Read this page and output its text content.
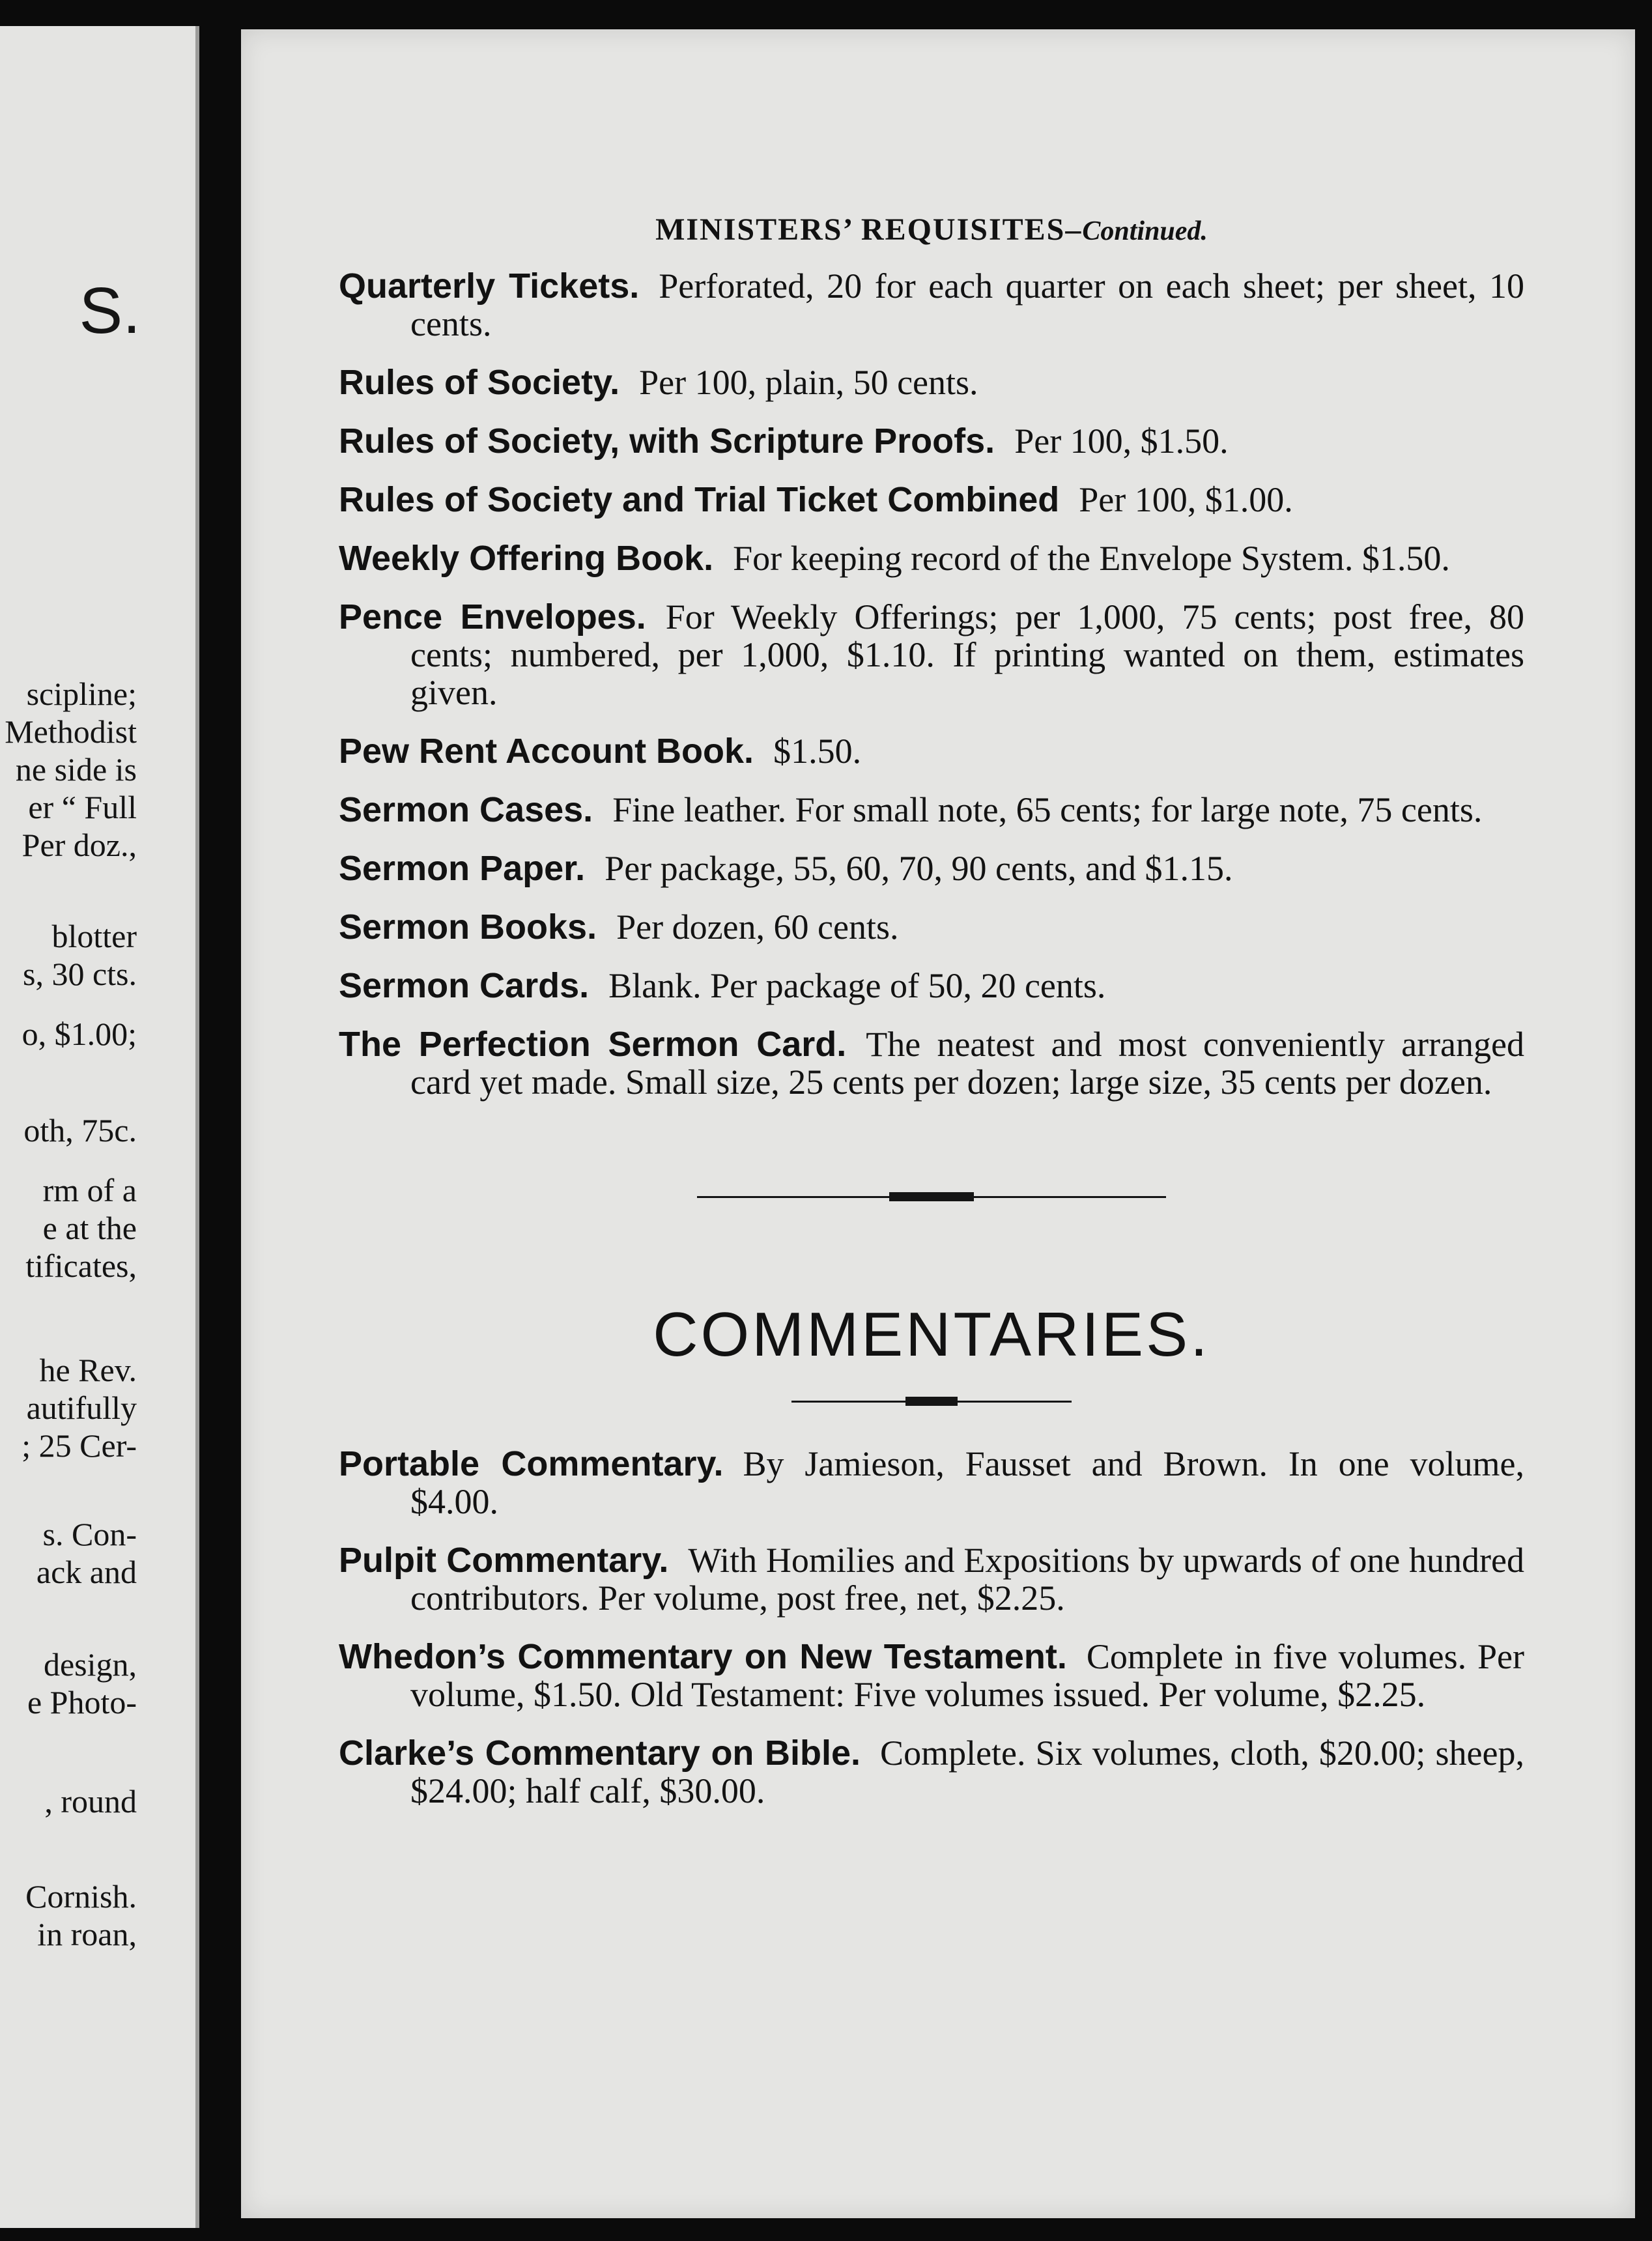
S.
scipline;
Methodist
ne side is
er “ Full
Per doz.,
blotter
s, 30 cts.
o, $1.00;
oth, 75c.
rm of a
e at the
tificates,
he Rev.
autifully
; 25 Cer-
s. Con-
ack and
design,
e Photo-
, round
Cornish.
in roan,
MINISTERS’ REQUISITES–Continued.
Quarterly Tickets. Perforated, 20 for each quarter on each sheet; per sheet, 10 cents.
Rules of Society. Per 100, plain, 50 cents.
Rules of Society, with Scripture Proofs. Per 100, $1.50.
Rules of Society and Trial Ticket Combined Per 100, $1.00.
Weekly Offering Book. For keeping record of the Envelope System. $1.50.
Pence Envelopes. For Weekly Offerings; per 1,000, 75 cents; post free, 80 cents; numbered, per 1,000, $1.10. If printing wanted on them, estimates given.
Pew Rent Account Book. $1.50.
Sermon Cases. Fine leather. For small note, 65 cents; for large note, 75 cents.
Sermon Paper. Per package, 55, 60, 70, 90 cents, and $1.15.
Sermon Books. Per dozen, 60 cents.
Sermon Cards. Blank. Per package of 50, 20 cents.
The Perfection Sermon Card. The neatest and most conveniently arranged card yet made. Small size, 25 cents per dozen; large size, 35 cents per dozen.
COMMENTARIES.
Portable Commentary. By Jamieson, Fausset and Brown. In one volume, $4.00.
Pulpit Commentary. With Homilies and Expositions by upwards of one hundred contributors. Per volume, post free, net, $2.25.
Whedon’s Commentary on New Testament. Complete in five volumes. Per volume, $1.50. Old Testament: Five volumes issued. Per volume, $2.25.
Clarke’s Commentary on Bible. Complete. Six volumes, cloth, $20.00; sheep, $24.00; half calf, $30.00.
